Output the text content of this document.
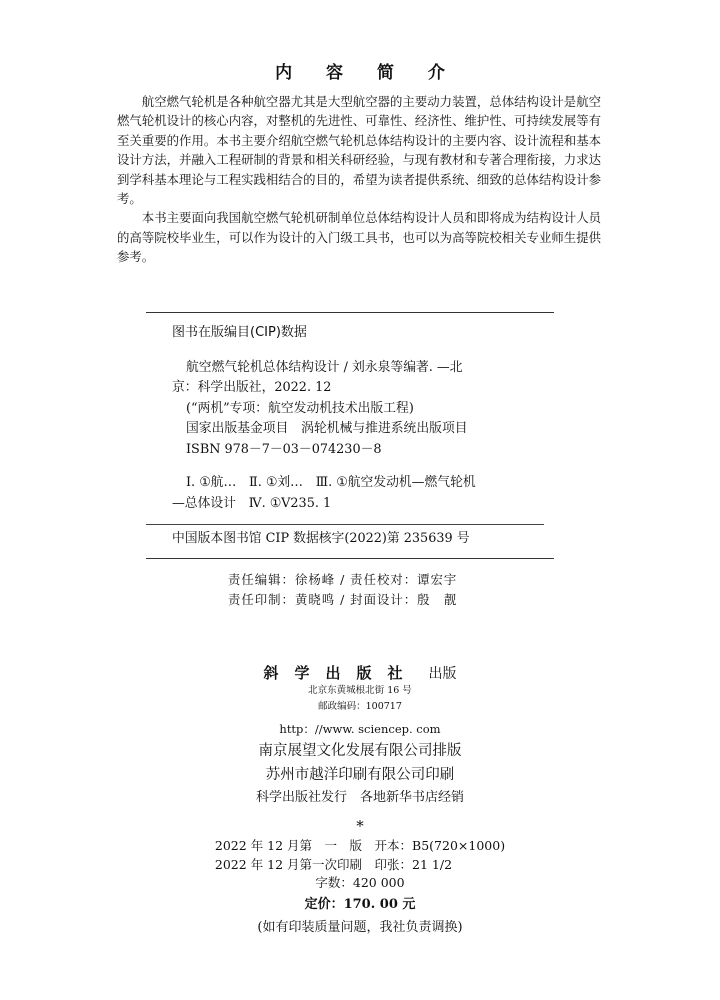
内 容 简 介

航空燃气轮机是各种航空器尤其是大型航空器的主要动力装置，总体结构设计是航空燃气轮机设计的核心内容，对整机的先进性、可靠性、经济性、维护性、可持续发展等有至关重要的作用。本书主要介绍航空燃气轮机总体结构设计的主要内容、设计流程和基本设计方法，并融入工程研制的背景和相关科研经验，与现有教材和专著合理衔接，力求达到学科基本理论与工程实践相结合的目的，希望为读者提供系统、细致的总体结构设计参考。

本书主要面向我国航空燃气轮机研制单位总体结构设计人员和即将成为结构设计人员的高等院校毕业生，可以作为设计的入门级工具书，也可以为高等院校相关专业师生提供参考。

图书在版编目(CIP)数据
航空燃气轮机总体结构设计 / 刘永泉等编著. —北
京：科学出版社，2022. 12
(“两机”专项：航空发动机技术出版工程)
国家出版基金项目　涡轮机械与推进系统出版项目
ISBN 978－7－03－074230－8
Ⅰ. ①航…　Ⅱ. ①刘…　Ⅲ. ①航空发动机—燃气轮机
—总体设计　Ⅳ. ①V235. 1
中国版本图书馆 CIP 数据核字(2022)第 235639 号
责任编辑：徐杨峰 / 责任校对：谭宏宇
责任印制：黄晓鸣 / 封面设计：殷　靓
斜学出版社 出版
北京东黄城根北街 16 号
邮政编码：100717
http：//www. sciencep. com
南京展望文化发展有限公司排版
苏州市越洋印刷有限公司印刷
科学出版社发行　各地新华书店经销
*
2022 年 12 月第　一　版　开本：B5(720×1000)
2022 年 12 月第一次印刷　印张：21 1/2
字数：420 000
定价：170. 00 元
(如有印装质量问题，我社负责调换)
